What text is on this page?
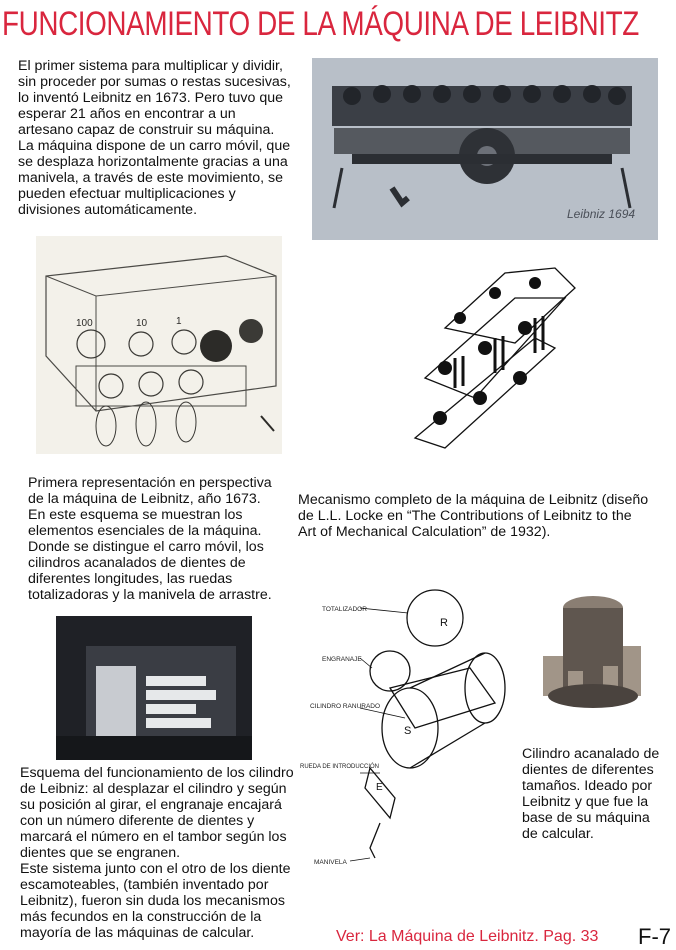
FUNCIONAMIENTO DE LA MÁQUINA DE LEIBNITZ
El primer sistema para multiplicar y dividir,
sin proceder por sumas o restas sucesivas,
lo inventó Leibnitz en 1673. Pero tuvo que
esperar 21 años en encontrar a un
artesano capaz de construir su máquina.
La máquina dispone de un carro móvil, que
se desplaza horizontalmente gracias a una
manivela, a través de este movimiento, se
pueden efectuar multiplicaciones y
divisiones automáticamente.	Leibniz 1694
100	10	1
Primera representación en perspectiva
de la máquina de Leibnitz, año 1673.
En este esquema se muestran los
elementos esenciales de la máquina.
Donde se distingue el carro móvil, los
cilindros acanalados de dientes de
diferentes longitudes, las ruedas
totalizadoras y la manivela de arrastre.
Mecanismo completo de la máquina de Leibnitz (diseño
de L.L. Locke en “The Contributions of Leibnitz to the
Art of Mechanical Calculation” de 1932).
TOTALIZADOR
ENGRANAJE
CILINDRO RANURADO
RUEDA DE INTRODUCCIÓN
MANIVELA
R
S
E
Cilindro acanalado de
dientes de diferentes
tamaños. Ideado por
Leibnitz y que fue la
base de su máquina
de calcular.
Esquema del funcionamiento de los cilindro
de Leibniz: al desplazar el cilindro y según
su posición al girar, el engranaje encajará
con un número diferente de dientes y
marcará el número en el tambor según los
dientes que se engranen.
Este sistema junto con el otro de los diente
escamoteables, (también inventado por
Leibnitz), fueron sin duda los mecanismos
más fecundos en la construcción de la
mayoría de las máquinas de calcular.	Ver: La Máquina de Leibnitz. Pag. 33	F-7
